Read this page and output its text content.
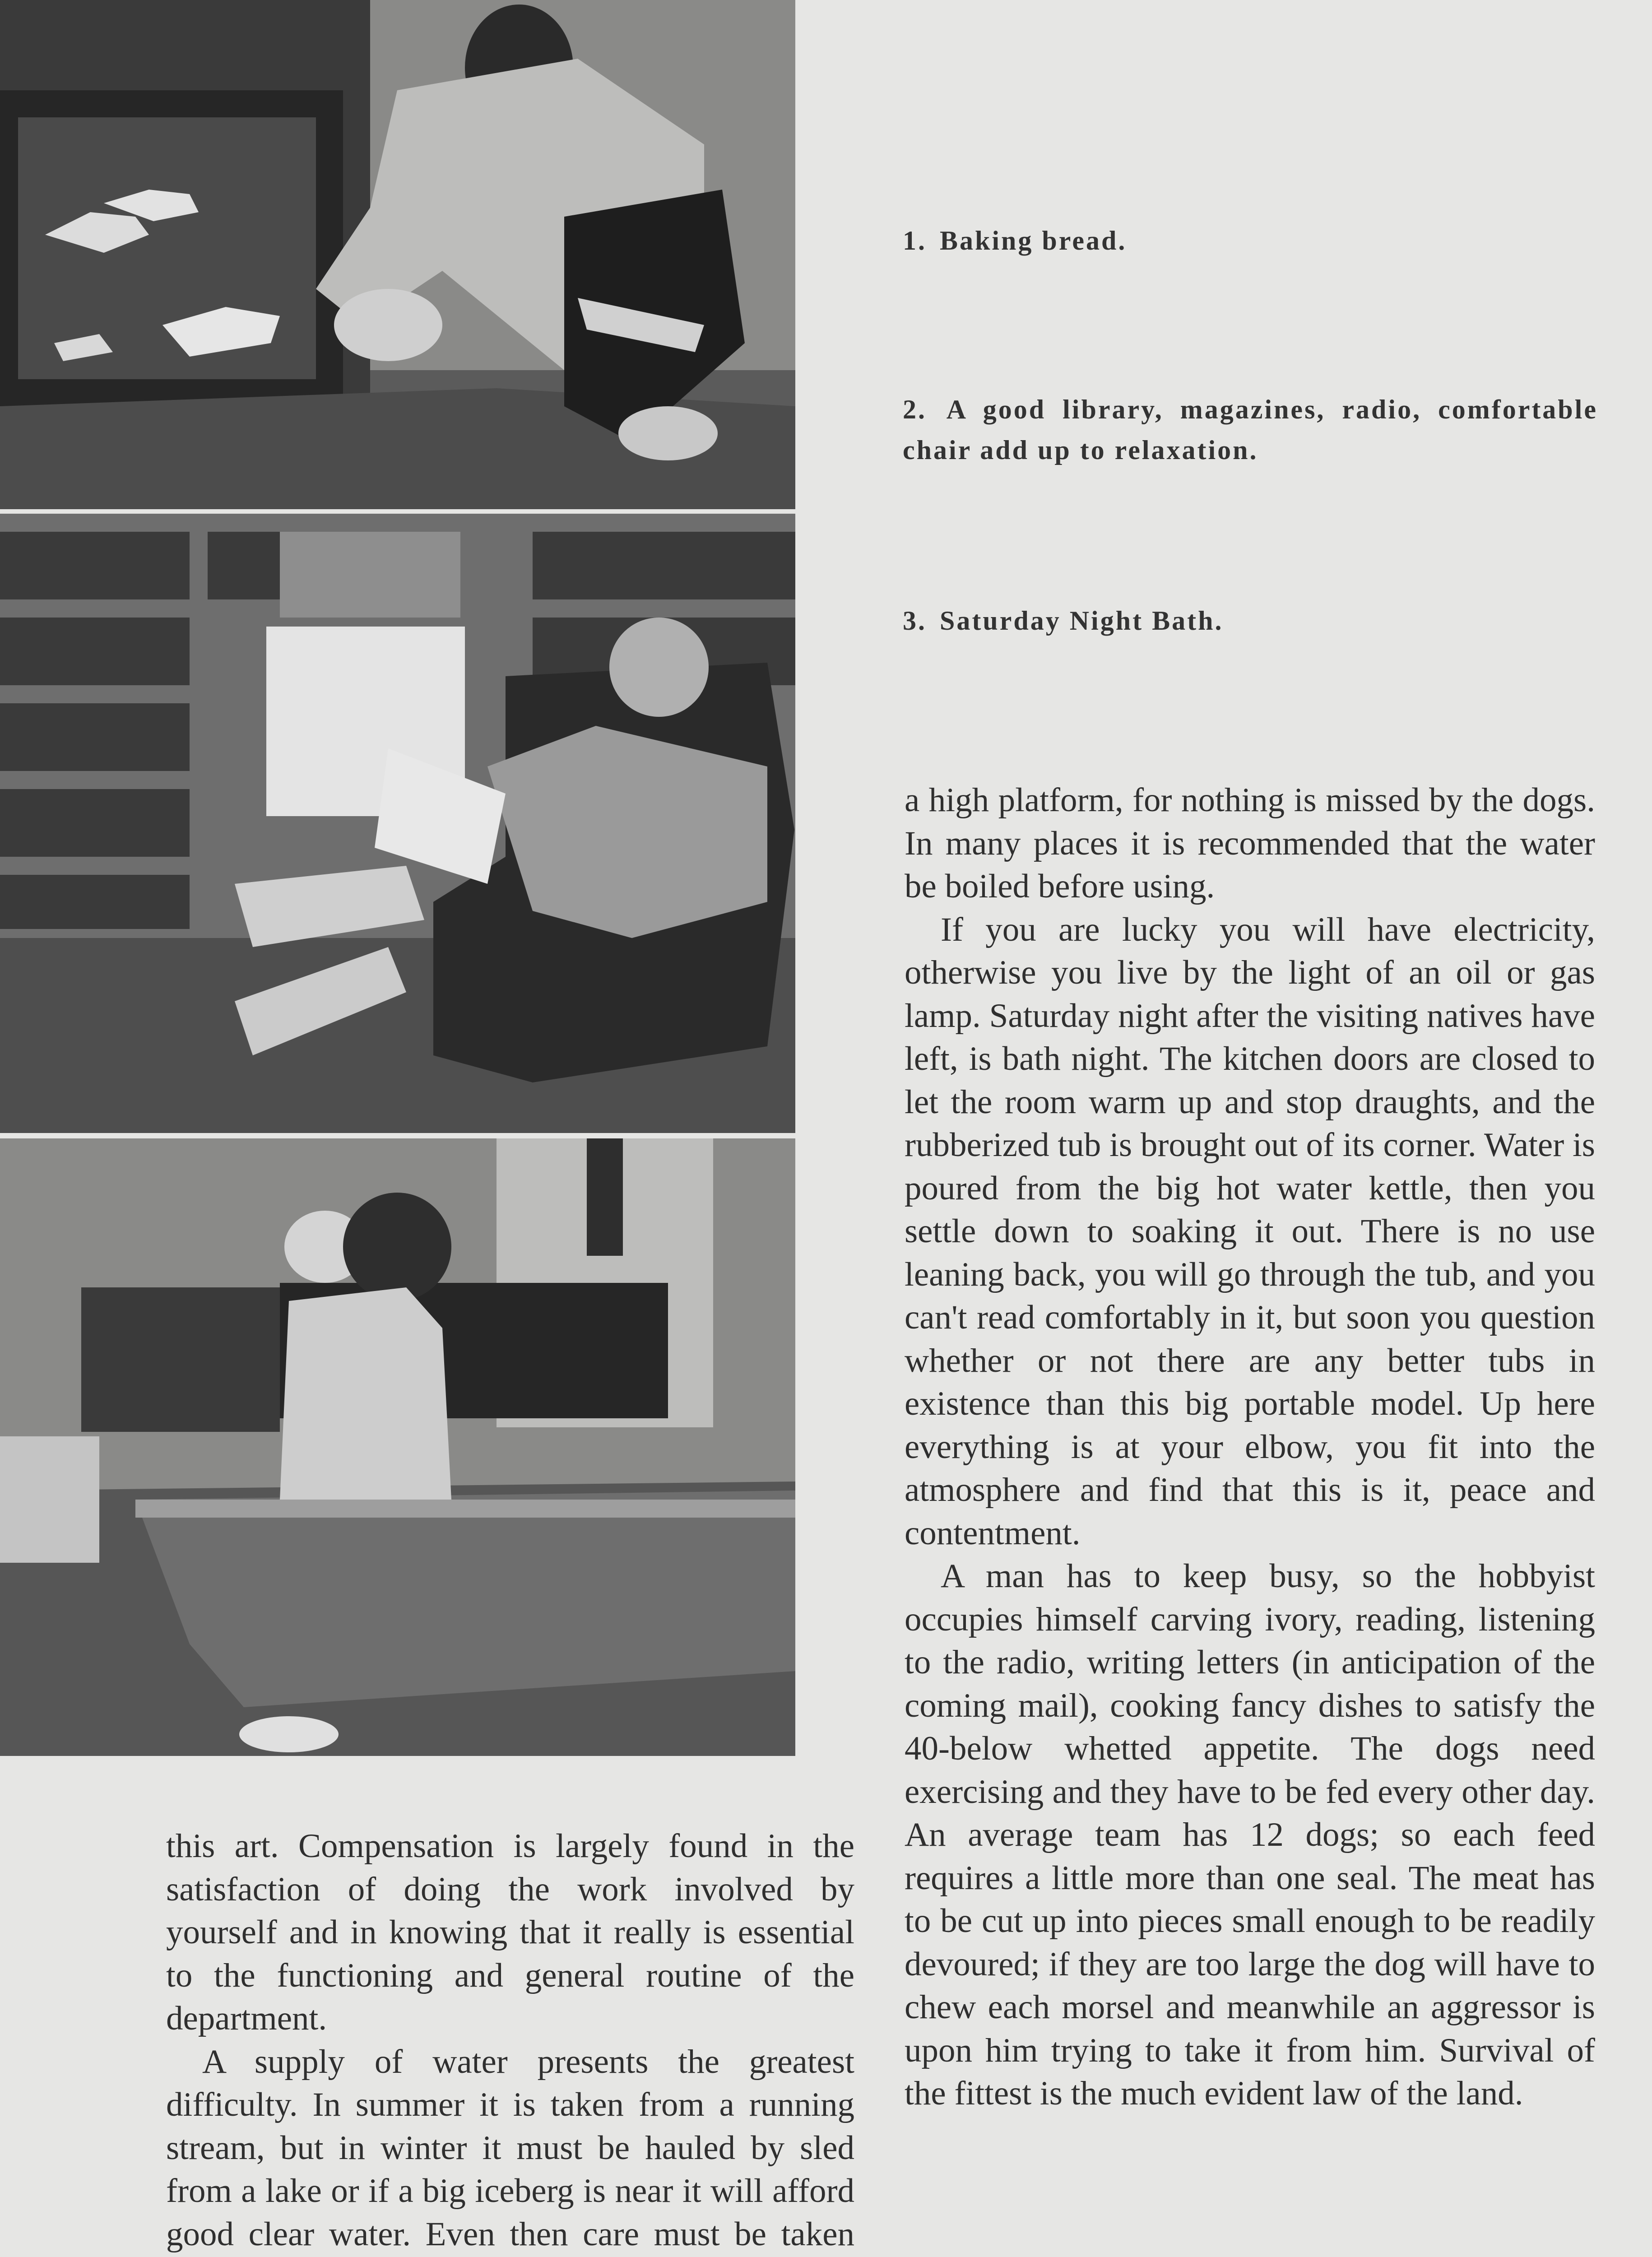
1. Baking bread.
2. A good library, magazines, radio, comfortable chair add up to relaxation.
3. Saturday Night Bath.

a high platform, for nothing is missed by the dogs. In many places it is recommended that the water be boiled before using.

If you are lucky you will have electricity, otherwise you live by the light of an oil or gas lamp. Saturday night after the visiting natives have left, is bath night. The kitchen doors are closed to let the room warm up and stop draughts, and the rubberized tub is brought out of its corner. Water is poured from the big hot water kettle, then you settle down to soaking it out. There is no use leaning back, you will go through the tub, and you can't read comfortably in it, but soon you question whether or not there are any better tubs in existence than this big portable model. Up here everything is at your elbow, you fit into the atmosphere and find that this is it, peace and contentment.

A man has to keep busy, so the hobbyist occupies himself carving ivory, reading, listening to the radio, writing letters (in anticipation of the coming mail), cooking fancy dishes to satisfy the 40-below whetted appetite. The dogs need exercising and they have to be fed every other day. An average team has 12 dogs; so each feed requires a little more than one seal. The meat has to be cut up into pieces small enough to be readily devoured; if they are too large the dog will have to chew each morsel and meanwhile an aggressor is upon him trying to take it from him. Survival of the fittest is the much evident law of the land.

this art. Compensation is largely found in the satisfaction of doing the work involved by yourself and in knowing that it really is essential to the functioning and general routine of the department.

A supply of water presents the greatest difficulty. In summer it is taken from a running stream, but in winter it must be hauled by sled from a lake or if a big iceberg is near it will afford good clear water. Even then care must be taken
